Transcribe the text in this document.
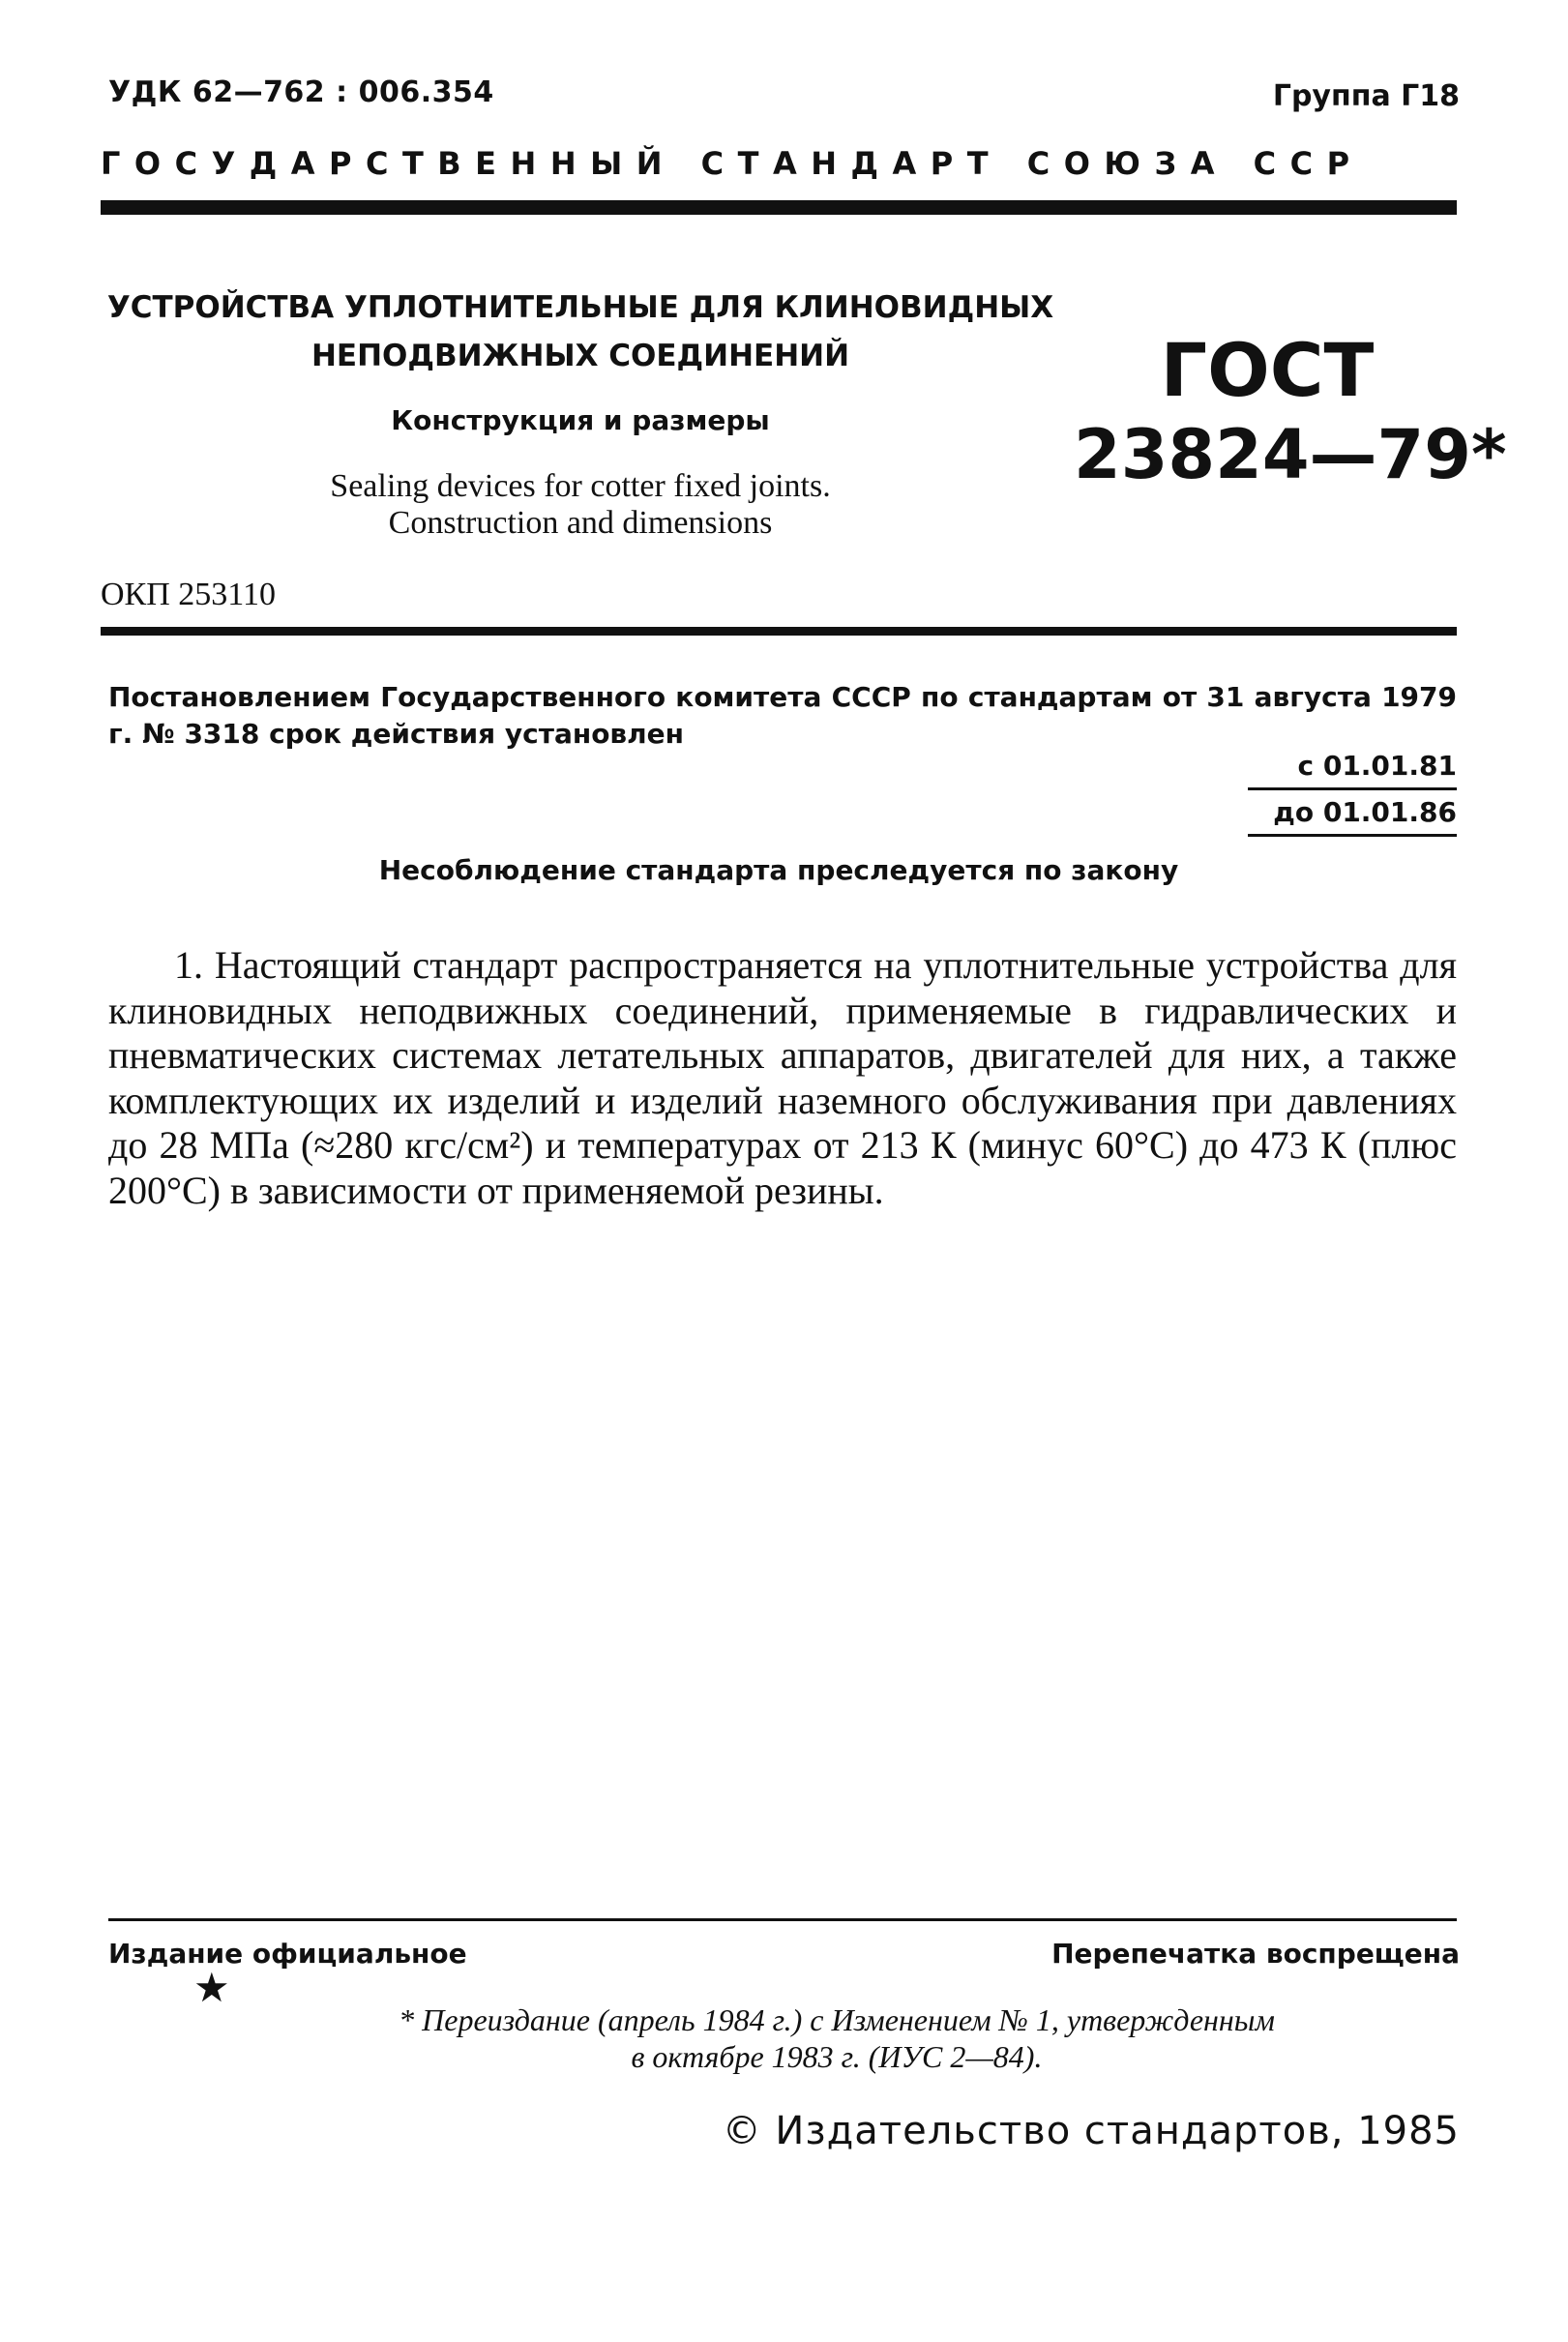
УДК 62—762 : 006.354	Группа Г18
ГОСУДАРСТВЕННЫЙ СТАНДАРТ СОЮЗА ССР
УСТРОЙСТВА УПЛОТНИТЕЛЬНЫЕ ДЛЯ КЛИНОВИДНЫХ
НЕПОДВИЖНЫХ СОЕДИНЕНИЙ
Конструкция и размеры
Sealing devices for cotter fixed joints.
Construction and dimensions
ГОСТ
23824—79*
ОКП 253110
Постановлением Государственного комитета СССР по стандартам от 31 августа 1979 г. № 3318 срок действия установлен
с 01.01.81
до 01.01.86
Несоблюдение стандарта преследуется по закону

1. Настоящий стандарт распространяется на уплотнительные устройства для клиновидных неподвижных соединений, применяемые в гидравлических и пневматических системах летательных аппаратов, двигателей для них, а также комплектующих их изделий и изделий наземного обслуживания при давлениях до 28 МПа (≈280 кгс/см²) и температурах от 213 К (минус 60°С) до 473 К (плюс 200°С) в зависимости от применяемой резины.

Издание официальное	Перепечатка воспрещена
★
* Переиздание (апрель 1984 г.) с Изменением № 1, утвержденным
в октябре 1983 г. (ИУС 2—84).
© Издательство стандартов, 1985
